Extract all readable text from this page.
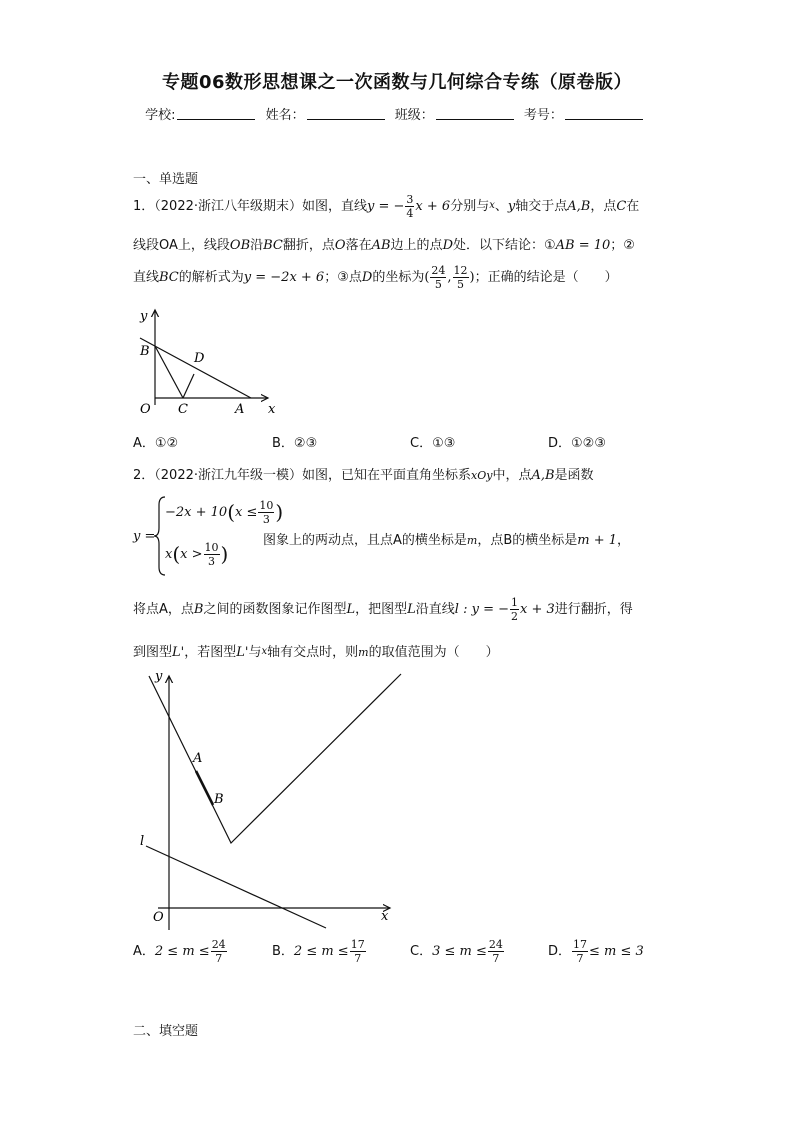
专题06数形思想课之一次函数与几何综合专练（原卷版）
学校:	姓名：	班级：	考号：
一、单选题
1．（2022·浙江八年级期末）如图，直线y = − $\frac{3}{4}$ x + 6分别与x、y轴交于点A,B，点C在
线段OA上，线段OB沿BC翻折，点O落在AB边上的点D处．以下结论：①AB = 10；②
直线BC的解析式为y = −2x + 6；③点D的坐标为( $\frac{24}{5}$ , $\frac{12}{5}$ )；正确的结论是（　　）
y
B	D
O C	A x
A．①②	B．②③	C．①③	D．①②③
2．（2022·浙江九年级一模）如图，已知在平面直角坐标系xOy中，点A,B是函数
y =
$-2x + 10(x \le \frac{10}{3}$ )
$x(x > \frac{10}{3}$ )
图象上的两动点，且点A的横坐标是m，点B的横坐标是m + 1，
将点A，点B之间的函数图象记作图型L，把图型L沿直线l : y = − $\frac{1}{2}$ x + 3进行翻折，得
到图型L'，若图型L'与x轴有交点时，则m的取值范围为（　　）
y
A
B
l
O	x
A．$2 \le m \le \frac{24}{7}$	B．$2 \le m \le \frac{17}{7}$	C．$3 \le m \le \frac{24}{7}$	D． $\frac{17}{7} \le m \le 3$
二、填空题
